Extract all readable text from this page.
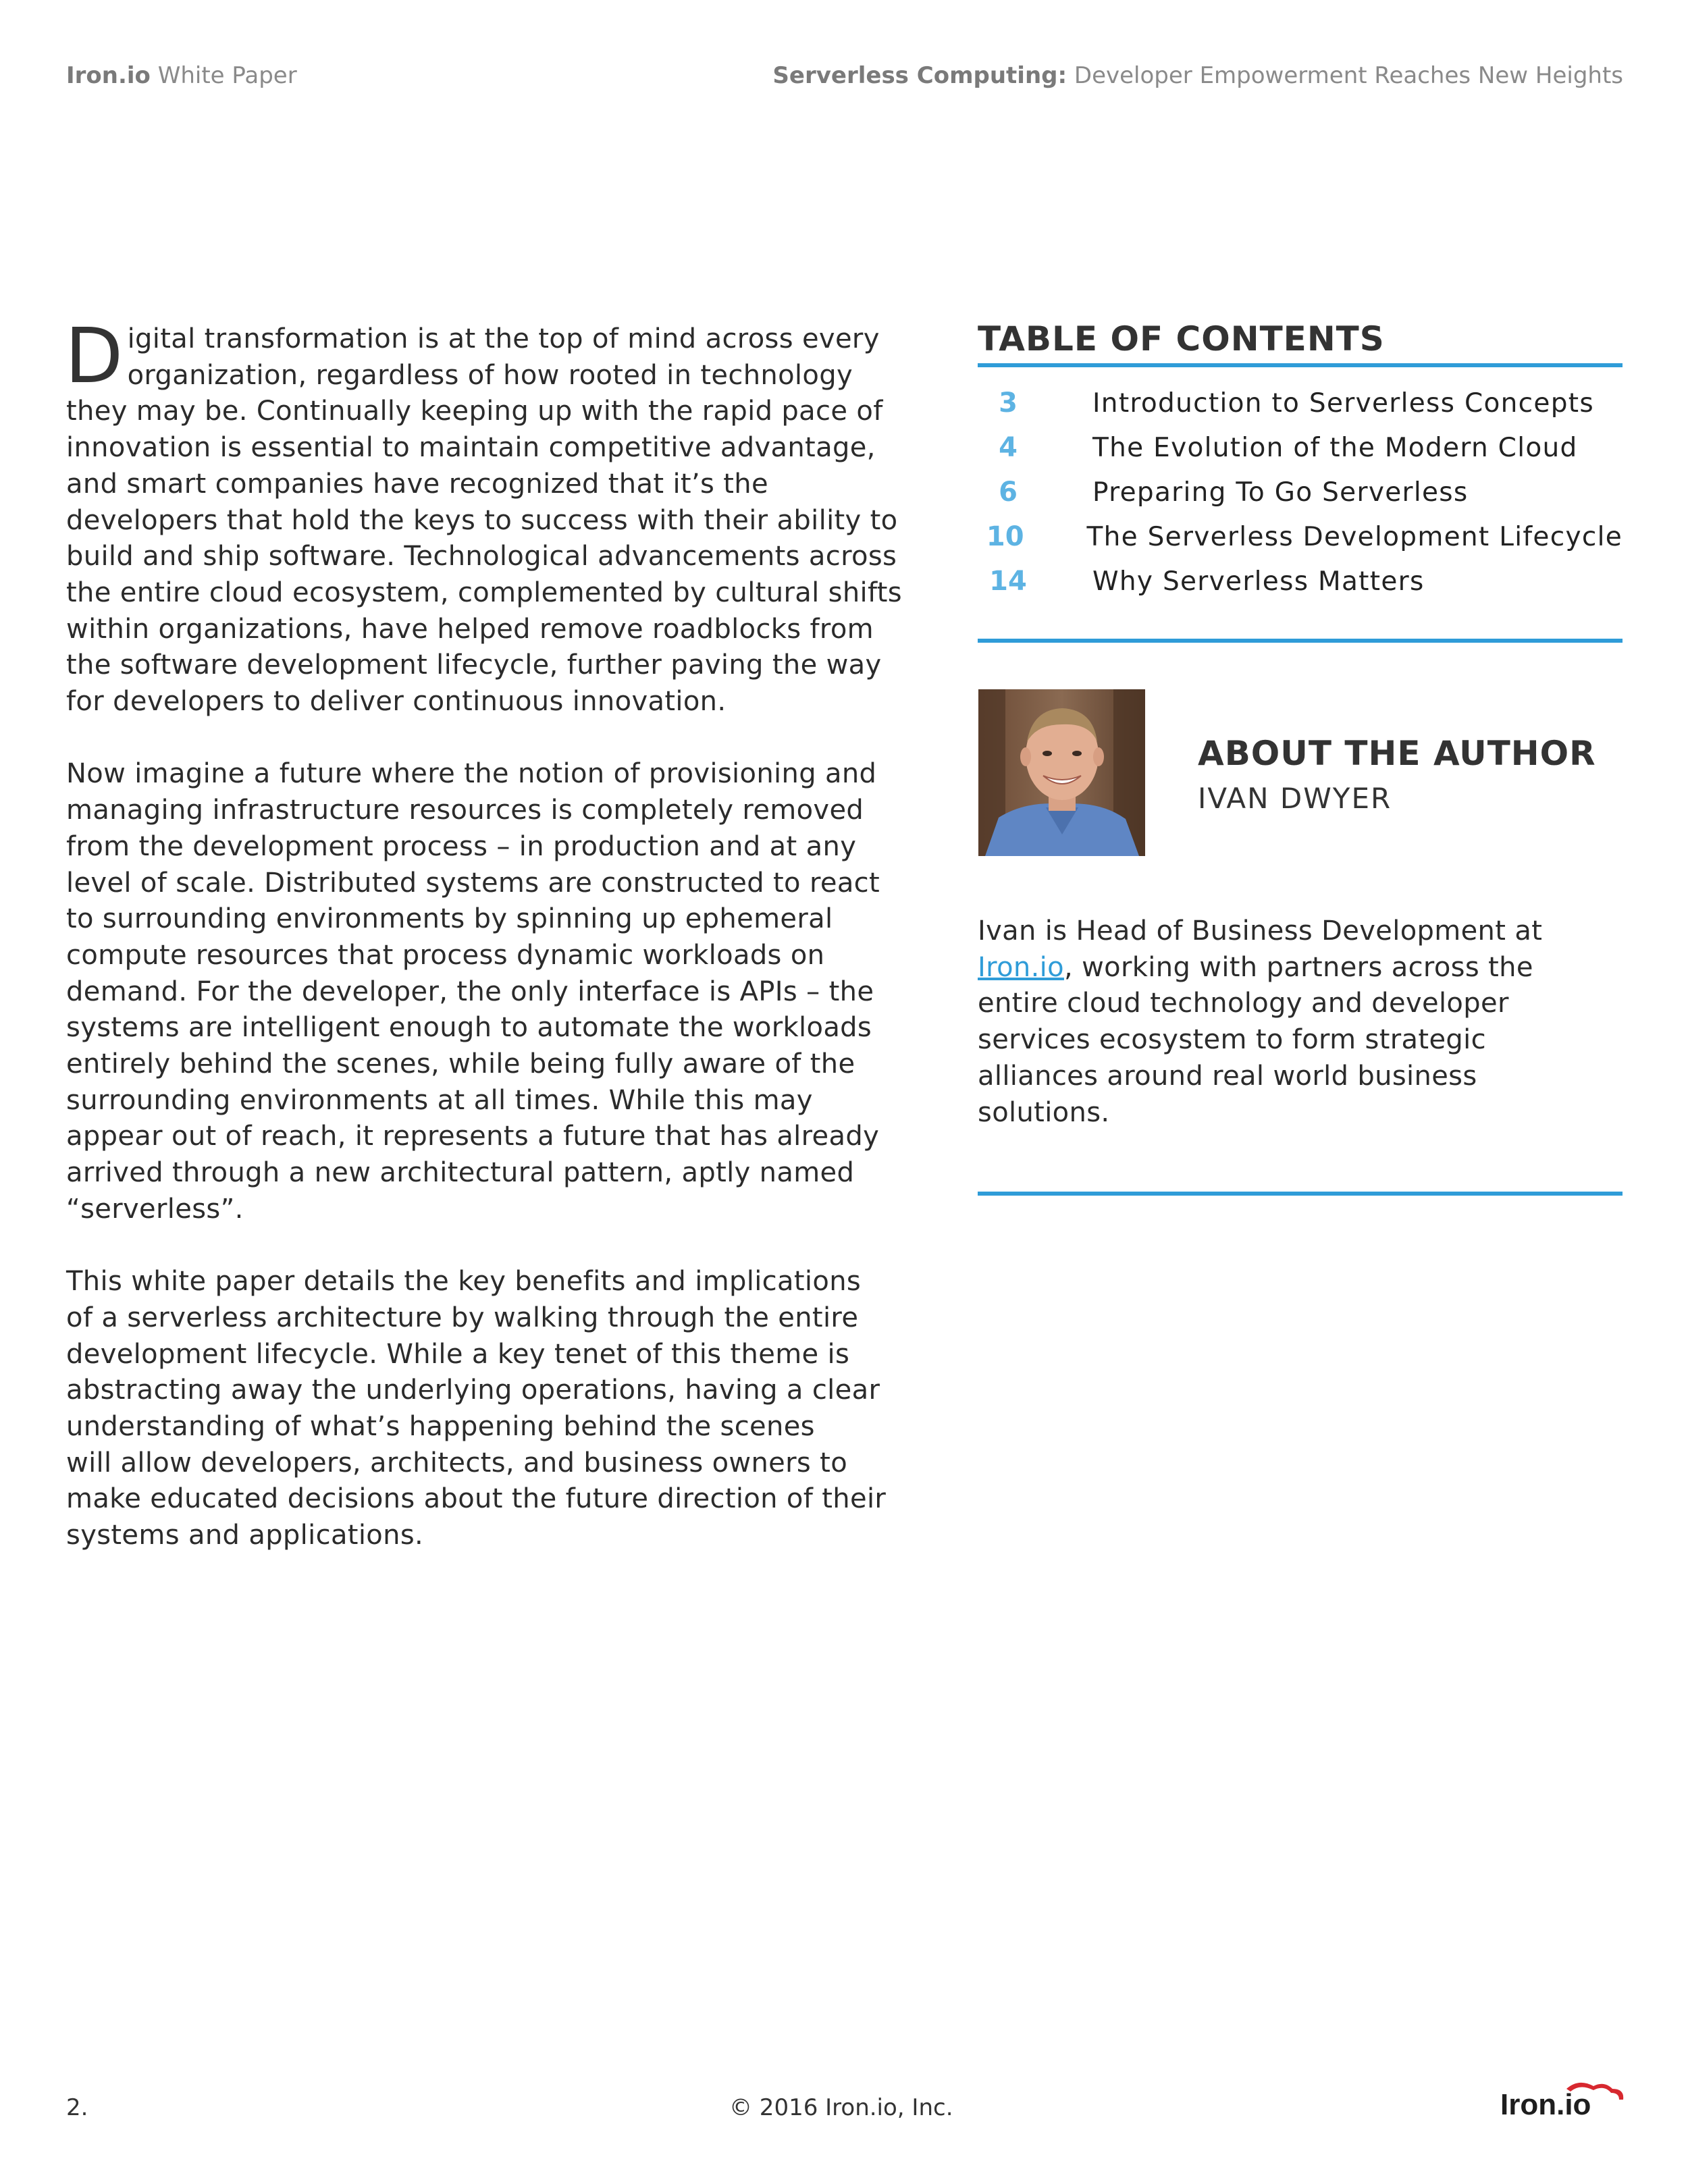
Iron.io White Paper	Serverless Computing: Developer Empowerment Reaches New Heights

D igital transformation is at the top of mind across every
organization, regardless of how rooted in technology
they may be. Continually keeping up with the rapid pace of
innovation is essential to maintain competitive advantage,
and smart companies have recognized that it’s the
developers that hold the keys to success with their ability to
build and ship software. Technological advancements across
the entire cloud ecosystem, complemented by cultural shifts
within organizations, have helped remove roadblocks from
the software development lifecycle, further paving the way
for developers to deliver continuous innovation.

Now imagine a future where the notion of provisioning and
managing infrastructure resources is completely removed
from the development process – in production and at any
level of scale. Distributed systems are constructed to react
to surrounding environments by spinning up ephemeral
compute resources that process dynamic workloads on
demand. For the developer, the only interface is APIs – the
systems are intelligent enough to automate the workloads
entirely behind the scenes, while being fully aware of the
surrounding environments at all times. While this may
appear out of reach, it represents a future that has already
arrived through a new architectural pattern, aptly named
“serverless”.

This white paper details the key benefits and implications
of a serverless architecture by walking through the entire
development lifecycle. While a key tenet of this theme is
abstracting away the underlying operations, having a clear
understanding of what’s happening behind the scenes
will allow developers, architects, and business owners to
make educated decisions about the future direction of their
systems and applications.

TABLE OF CONTENTS
3	Introduction to Serverless Concepts
4	The Evolution of the Modern Cloud
6	Preparing To Go Serverless
10	The Serverless Development Lifecycle
14	Why Serverless Matters
ABOUT THE AUTHOR
IVAN DWYER
Ivan is Head of Business Development at
Iron.io, working with partners across the
entire cloud technology and developer
services ecosystem to form strategic
alliances around real world business
solutions.
2.	© 2016 Iron.io, Inc.	Iron.io
